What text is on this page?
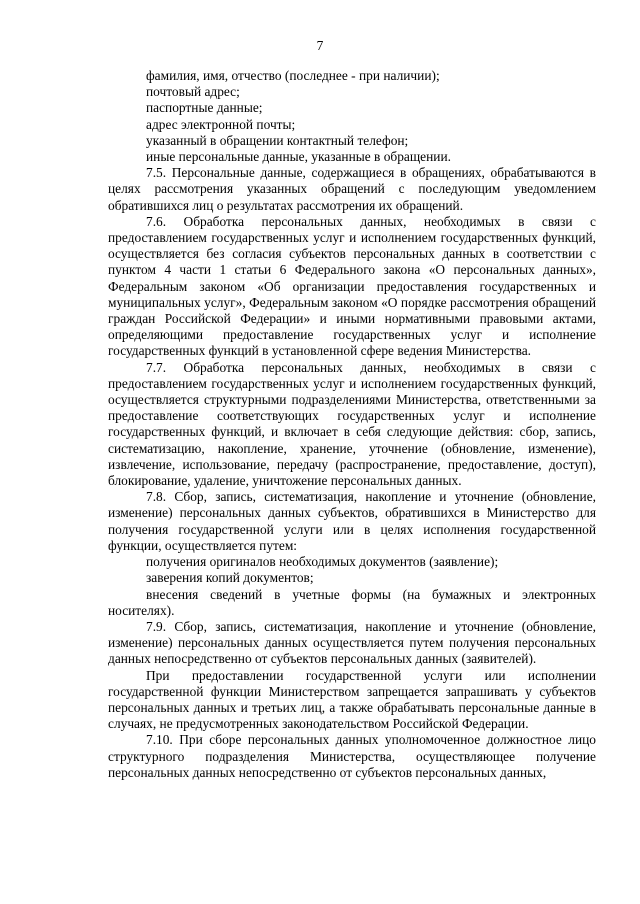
7
фамилия, имя, отчество (последнее - при наличии);
почтовый адрес;
паспортные данные;
адрес электронной почты;
указанный в обращении контактный телефон;
иные персональные данные, указанные в обращении.

7.5. Персональные данные, содержащиеся в обращениях, обрабатываются в целях рассмотрения указанных обращений с последующим уведомлением обратившихся лиц о результатах рассмотрения их обращений.

7.6. Обработка персональных данных, необходимых в связи с предоставлением государственных услуг и исполнением государственных функций, осуществляется без согласия субъектов персональных данных в соответствии с пунктом 4 части 1 статьи 6 Федерального закона «О персональных данных», Федеральным законом «Об организации предоставления государственных и муниципальных услуг», Федеральным законом «О порядке рассмотрения обращений граждан Российской Федерации» и иными нормативными правовыми актами, определяющими предоставление государственных услуг и исполнение государственных функций в установленной сфере ведения Министерства.

7.7. Обработка персональных данных, необходимых в связи с предоставлением государственных услуг и исполнением государственных функций, осуществляется структурными подразделениями Министерства, ответственными за предоставление соответствующих государственных услуг и исполнение государственных функций, и включает в себя следующие действия: сбор, запись, систематизацию, накопление, хранение, уточнение (обновление, изменение), извлечение, использование, передачу (распространение, предоставление, доступ), блокирование, удаление, уничтожение персональных данных.

7.8. Сбор, запись, систематизация, накопление и уточнение (обновление, изменение) персональных данных субъектов, обратившихся в Министерство для получения государственной услуги или в целях исполнения государственной функции, осуществляется путем:

получения оригиналов необходимых документов (заявление);
заверения копий документов;

внесения сведений в учетные формы (на бумажных и электронных носителях).

7.9. Сбор, запись, систематизация, накопление и уточнение (обновление, изменение) персональных данных осуществляется путем получения персональных данных непосредственно от субъектов персональных данных (заявителей).

При предоставлении государственной услуги или исполнении государственной функции Министерством запрещается запрашивать у субъектов персональных данных и третьих лиц, а также обрабатывать персональные данные в случаях, не предусмотренных законодательством Российской Федерации.

7.10. При сборе персональных данных уполномоченное должностное лицо структурного подразделения Министерства, осуществляющее получение персональных данных непосредственно от субъектов персональных данных,
